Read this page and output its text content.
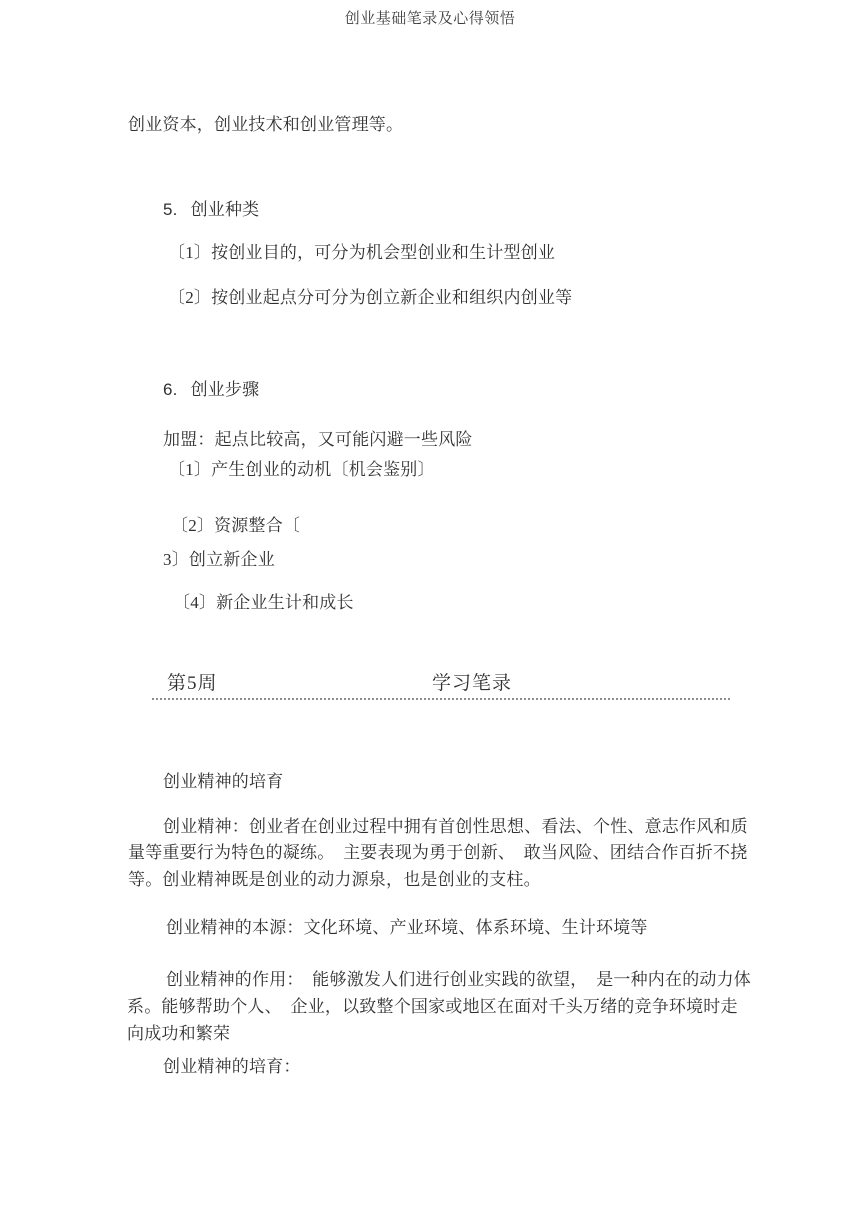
创业基础笔录及心得领悟
创业资本，创业技术和创业管理等。
5. 创业种类
〔1〕按创业目的，可分为机会型创业和生计型创业
〔2〕按创业起点分可分为创立新企业和组织内创业等
6. 创业步骤
加盟：起点比较高，又可能闪避一些风险
〔1〕产生创业的动机〔机会鉴别〕
〔2〕资源整合〔
3〕创立新企业
〔4〕新企业生计和成长
第5周	学习笔录
创业精神的培育
创业精神：创业者在创业过程中拥有首创性思想、看法、个性、意志作风和质
量等重要行为特色的凝练。　主要表现为勇于创新、　敢当风险、团结合作百折不挠
等。创业精神既是创业的动力源泉，也是创业的支柱。
创业精神的本源：文化环境、产业环境、体系环境、生计环境等
创业精神的作用：　能够激发人们进行创业实践的欲望，　是一种内在的动力体
系。能够帮助个人、　企业，以致整个国家或地区在面对千头万绪的竞争环境时走
向成功和繁荣
创业精神的培育：
